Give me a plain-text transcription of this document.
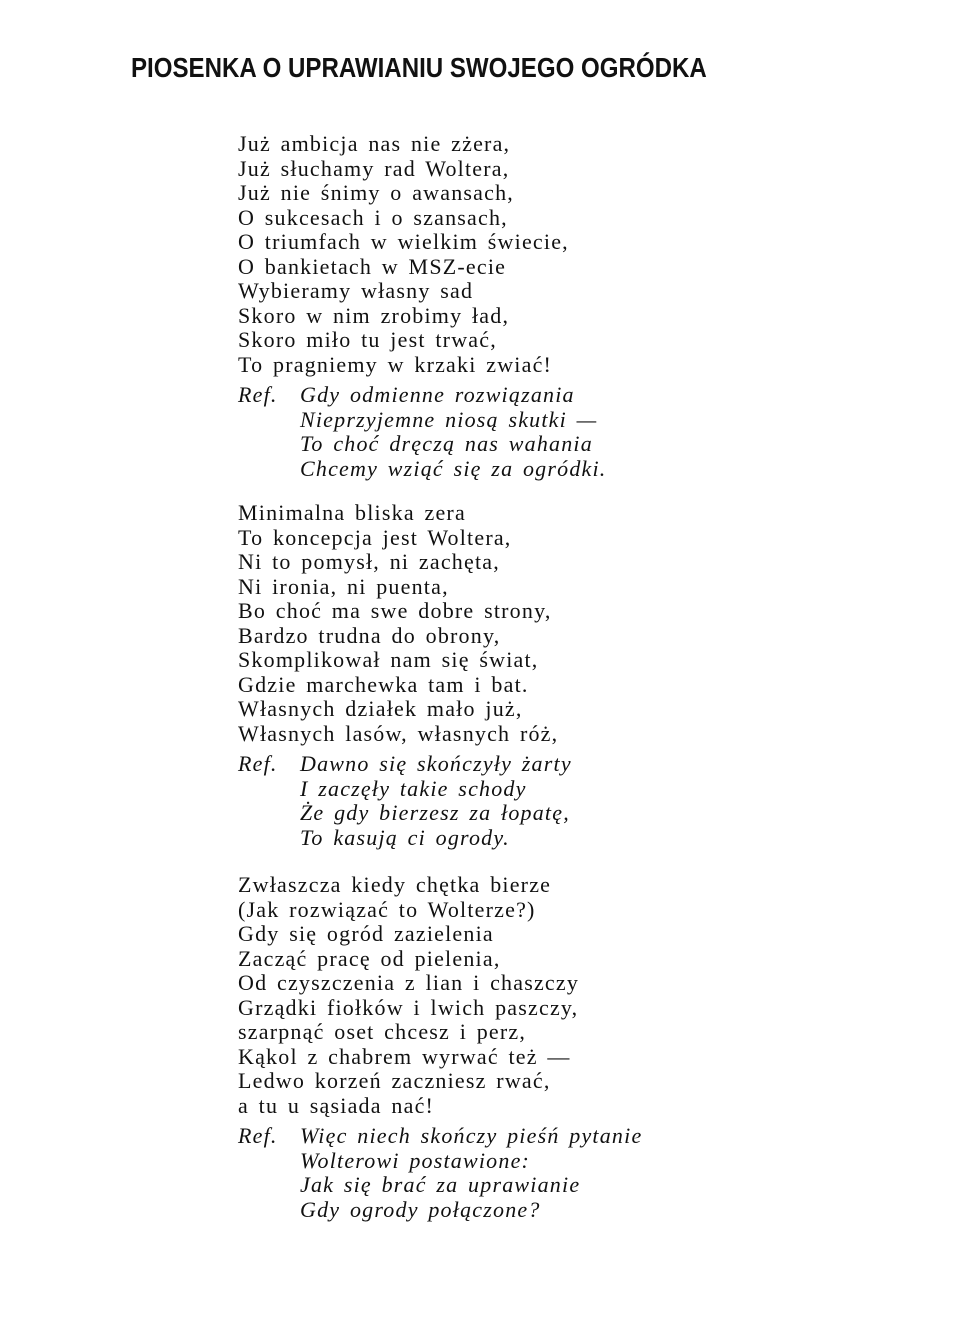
PIOSENKA O UPRAWIANIU SWOJEGO OGRÓDKA
Już ambicja nas nie zżera,
Już słuchamy rad Woltera,
Już nie śnimy o awansach,
O sukcesach i o szansach,
O triumfach w wielkim świecie,
O bankietach w MSZ-ecie
Wybieramy własny sad
Skoro w nim zrobimy ład,
Skoro miło tu jest trwać,
To pragniemy w krzaki zwiać!
Ref. Gdy odmienne rozwiązania
Nieprzyjemne niosą skutki —
To choć dręczą nas wahania
Chcemy wziąć się za ogródki.
Minimalna bliska zera
To koncepcja jest Woltera,
Ni to pomysł, ni zachęta,
Ni ironia, ni puenta,
Bo choć ma swe dobre strony,
Bardzo trudna do obrony,
Skomplikował nam się świat,
Gdzie marchewka tam i bat.
Własnych działek mało już,
Własnych lasów, własnych róż,
Ref. Dawno się skończyły żarty
I zaczęły takie schody
Że gdy bierzesz za łopatę,
To kasują ci ogrody.
Zwłaszcza kiedy chętka bierze
(Jak rozwiązać to Wolterze?)
Gdy się ogród zazielenia
Zacząć pracę od pielenia,
Od czyszczenia z lian i chaszczy
Grządki fiołków i lwich paszczy,
szarpnąć oset chcesz i perz,
Kąkol z chabrem wyrwać też —
Ledwo korzeń zaczniesz rwać,
a tu u sąsiada nać!
Ref. Więc niech skończy pieśń pytanie
Wolterowi postawione:
Jak się brać za uprawianie
Gdy ogrody połączone?
